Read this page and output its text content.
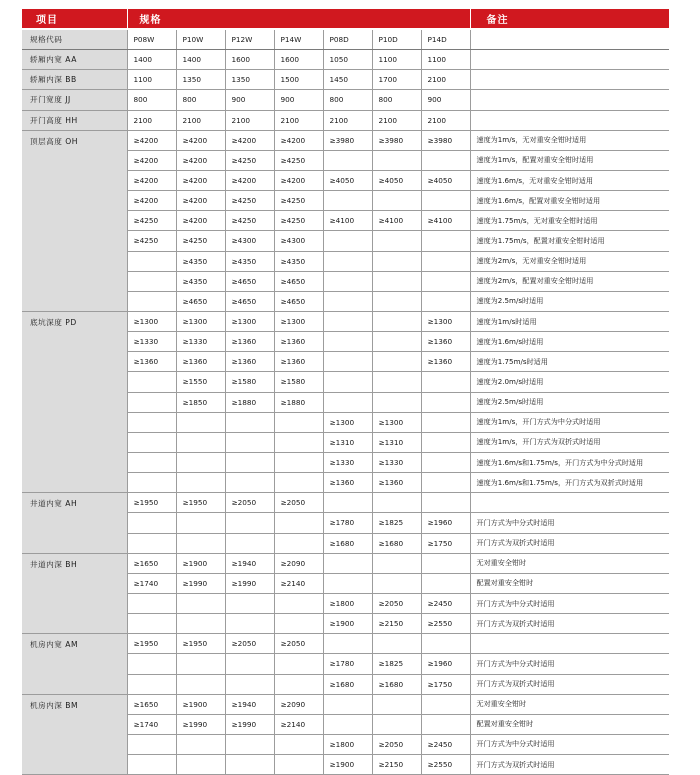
项目	规格							备注
规格代码	P08W	P10W	P12W	P14W	P08D	P10D	P14D	
轿厢内宽 AA	1400	1400	1600	1600	1050	1100	1100	
轿厢内深 BB	1100	1350	1350	1500	1450	1700	2100	
开门宽度 JJ	800	800	900	900	800	800	900	
开门高度 HH	2100	2100	2100	2100	2100	2100	2100	
顶层高度 OH	≥4200	≥4200	≥4200	≥4200	≥3980	≥3980	≥3980	速度为1m/s，无对重安全钳时适用
	≥4200	≥4200	≥4250	≥4250				速度为1m/s，配置对重安全钳时适用
	≥4200	≥4200	≥4200	≥4200	≥4050	≥4050	≥4050	速度为1.6m/s，无对重安全钳时适用
	≥4200	≥4200	≥4250	≥4250				速度为1.6m/s，配置对重安全钳时适用
	≥4250	≥4200	≥4250	≥4250	≥4100	≥4100	≥4100	速度为1.75m/s，无对重安全钳时适用
	≥4250	≥4250	≥4300	≥4300				速度为1.75m/s，配置对重安全钳时适用
		≥4350	≥4350	≥4350				速度为2m/s，无对重安全钳时适用
		≥4350	≥4650	≥4650				速度为2m/s，配置对重安全钳时适用
		≥4650	≥4650	≥4650				速度为2.5m/s时适用
底坑深度 PD	≥1300	≥1300	≥1300	≥1300			≥1300	速度为1m/s时适用
	≥1330	≥1330	≥1360	≥1360			≥1360	速度为1.6m/s时适用
	≥1360	≥1360	≥1360	≥1360			≥1360	速度为1.75m/s时适用
		≥1550	≥1580	≥1580				速度为2.0m/s时适用
		≥1850	≥1880	≥1880				速度为2.5m/s时适用
					≥1300	≥1300		速度为1m/s，开门方式为中分式时适用
					≥1310	≥1310		速度为1m/s，开门方式为双折式时适用
					≥1330	≥1330		速度为1.6m/s和1.75m/s，开门方式为中分式时适用
					≥1360	≥1360		速度为1.6m/s和1.75m/s，开门方式为双折式时适用
井道内宽 AH	≥1950	≥1950	≥2050	≥2050				
					≥1780	≥1825	≥1960	开门方式为中分式时适用
					≥1680	≥1680	≥1750	开门方式为双折式时适用
井道内深 BH	≥1650	≥1900	≥1940	≥2090				无对重安全钳时
	≥1740	≥1990	≥1990	≥2140				配置对重安全钳时
					≥1800	≥2050	≥2450	开门方式为中分式时适用
					≥1900	≥2150	≥2550	开门方式为双折式时适用
机房内宽 AM	≥1950	≥1950	≥2050	≥2050				
					≥1780	≥1825	≥1960	开门方式为中分式时适用
					≥1680	≥1680	≥1750	开门方式为双折式时适用
机房内深 BM	≥1650	≥1900	≥1940	≥2090				无对重安全钳时
	≥1740	≥1990	≥1990	≥2140				配置对重安全钳时
					≥1800	≥2050	≥2450	开门方式为中分式时适用
					≥1900	≥2150	≥2550	开门方式为双折式时适用
